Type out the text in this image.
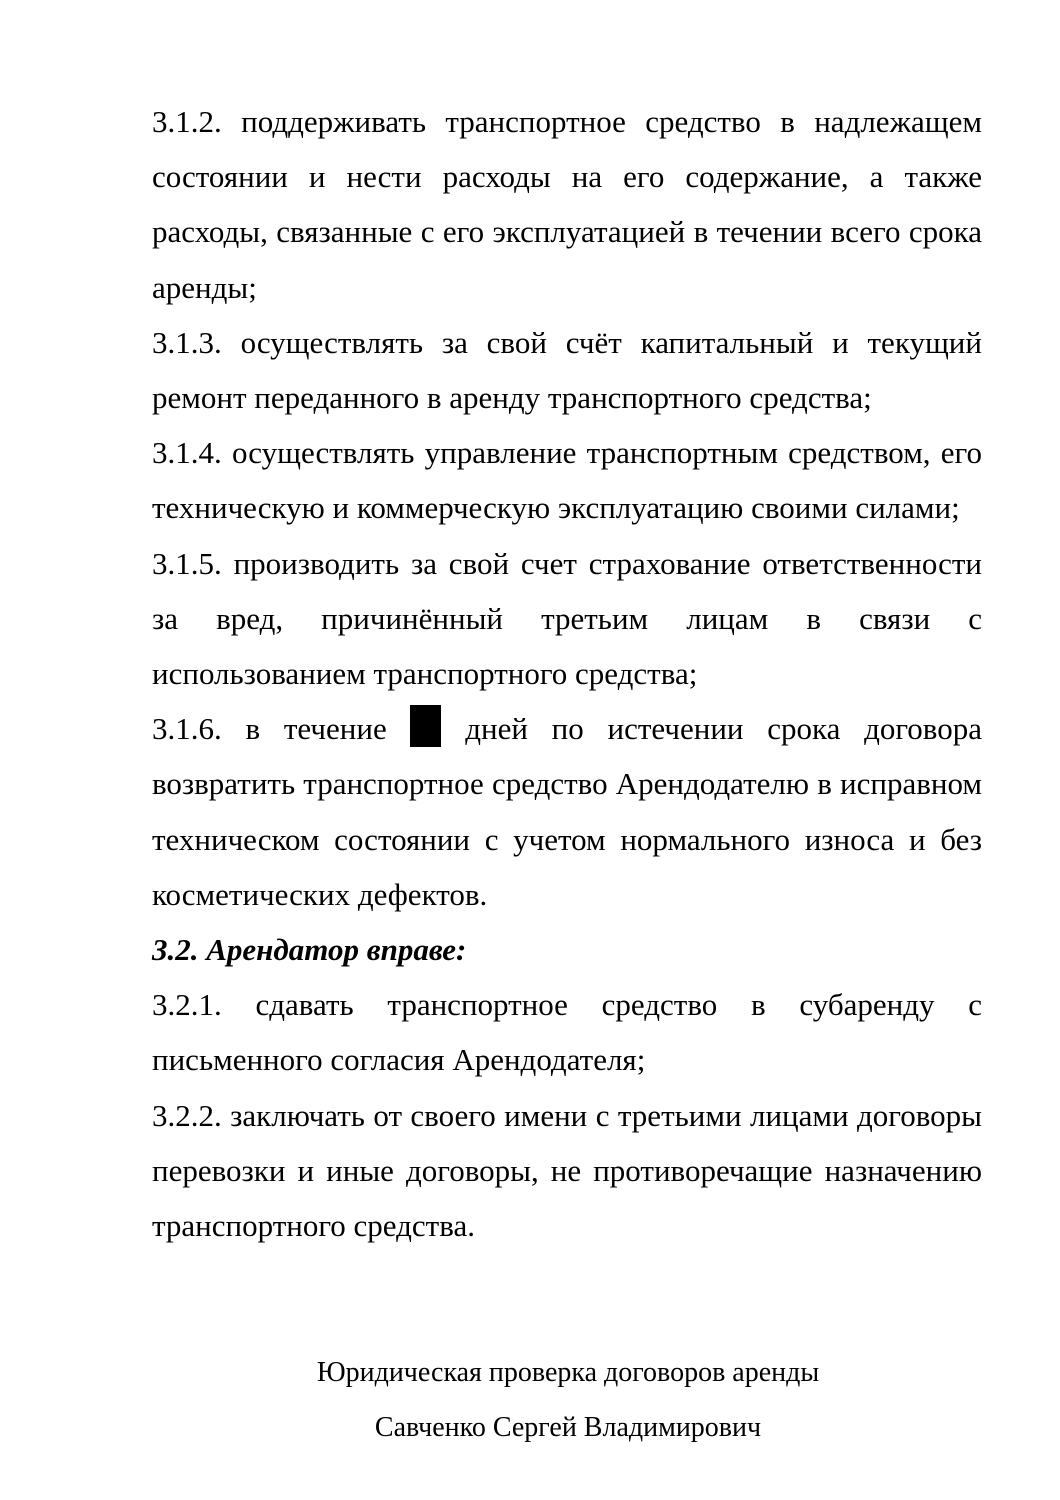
3.1.2. поддерживать транспортное средство в надлежащем состоянии и нести расходы на его содержание, а также расходы, связанные с его эксплуатацией в течении всего срока аренды;

3.1.3. осуществлять за свой счёт капитальный и текущий ремонт переданного в аренду транспортного средства;

3.1.4. осуществлять управление транспортным средством, его техническую и коммерческую эксплуатацию своими силами;

3.1.5. производить за свой счет страхование ответственности за вред, причинённый третьим лицам в связи с использованием транспортного средства;

3.1.6. в течение	дней по истечении срока договора возвратить транспортное средство Арендодателю в исправном техническом состоянии с учетом нормального износа и без косметических дефектов.

3.2. Арендатор вправе:

3.2.1. сдавать транспортное средство в субаренду с письменного согласия Арендодателя;

3.2.2. заключать от своего имени с третьими лицами договоры перевозки и иные договоры, не противоречащие назначению транспортного средства.

Юридическая проверка договоров аренды
Савченко Сергей Владимирович
